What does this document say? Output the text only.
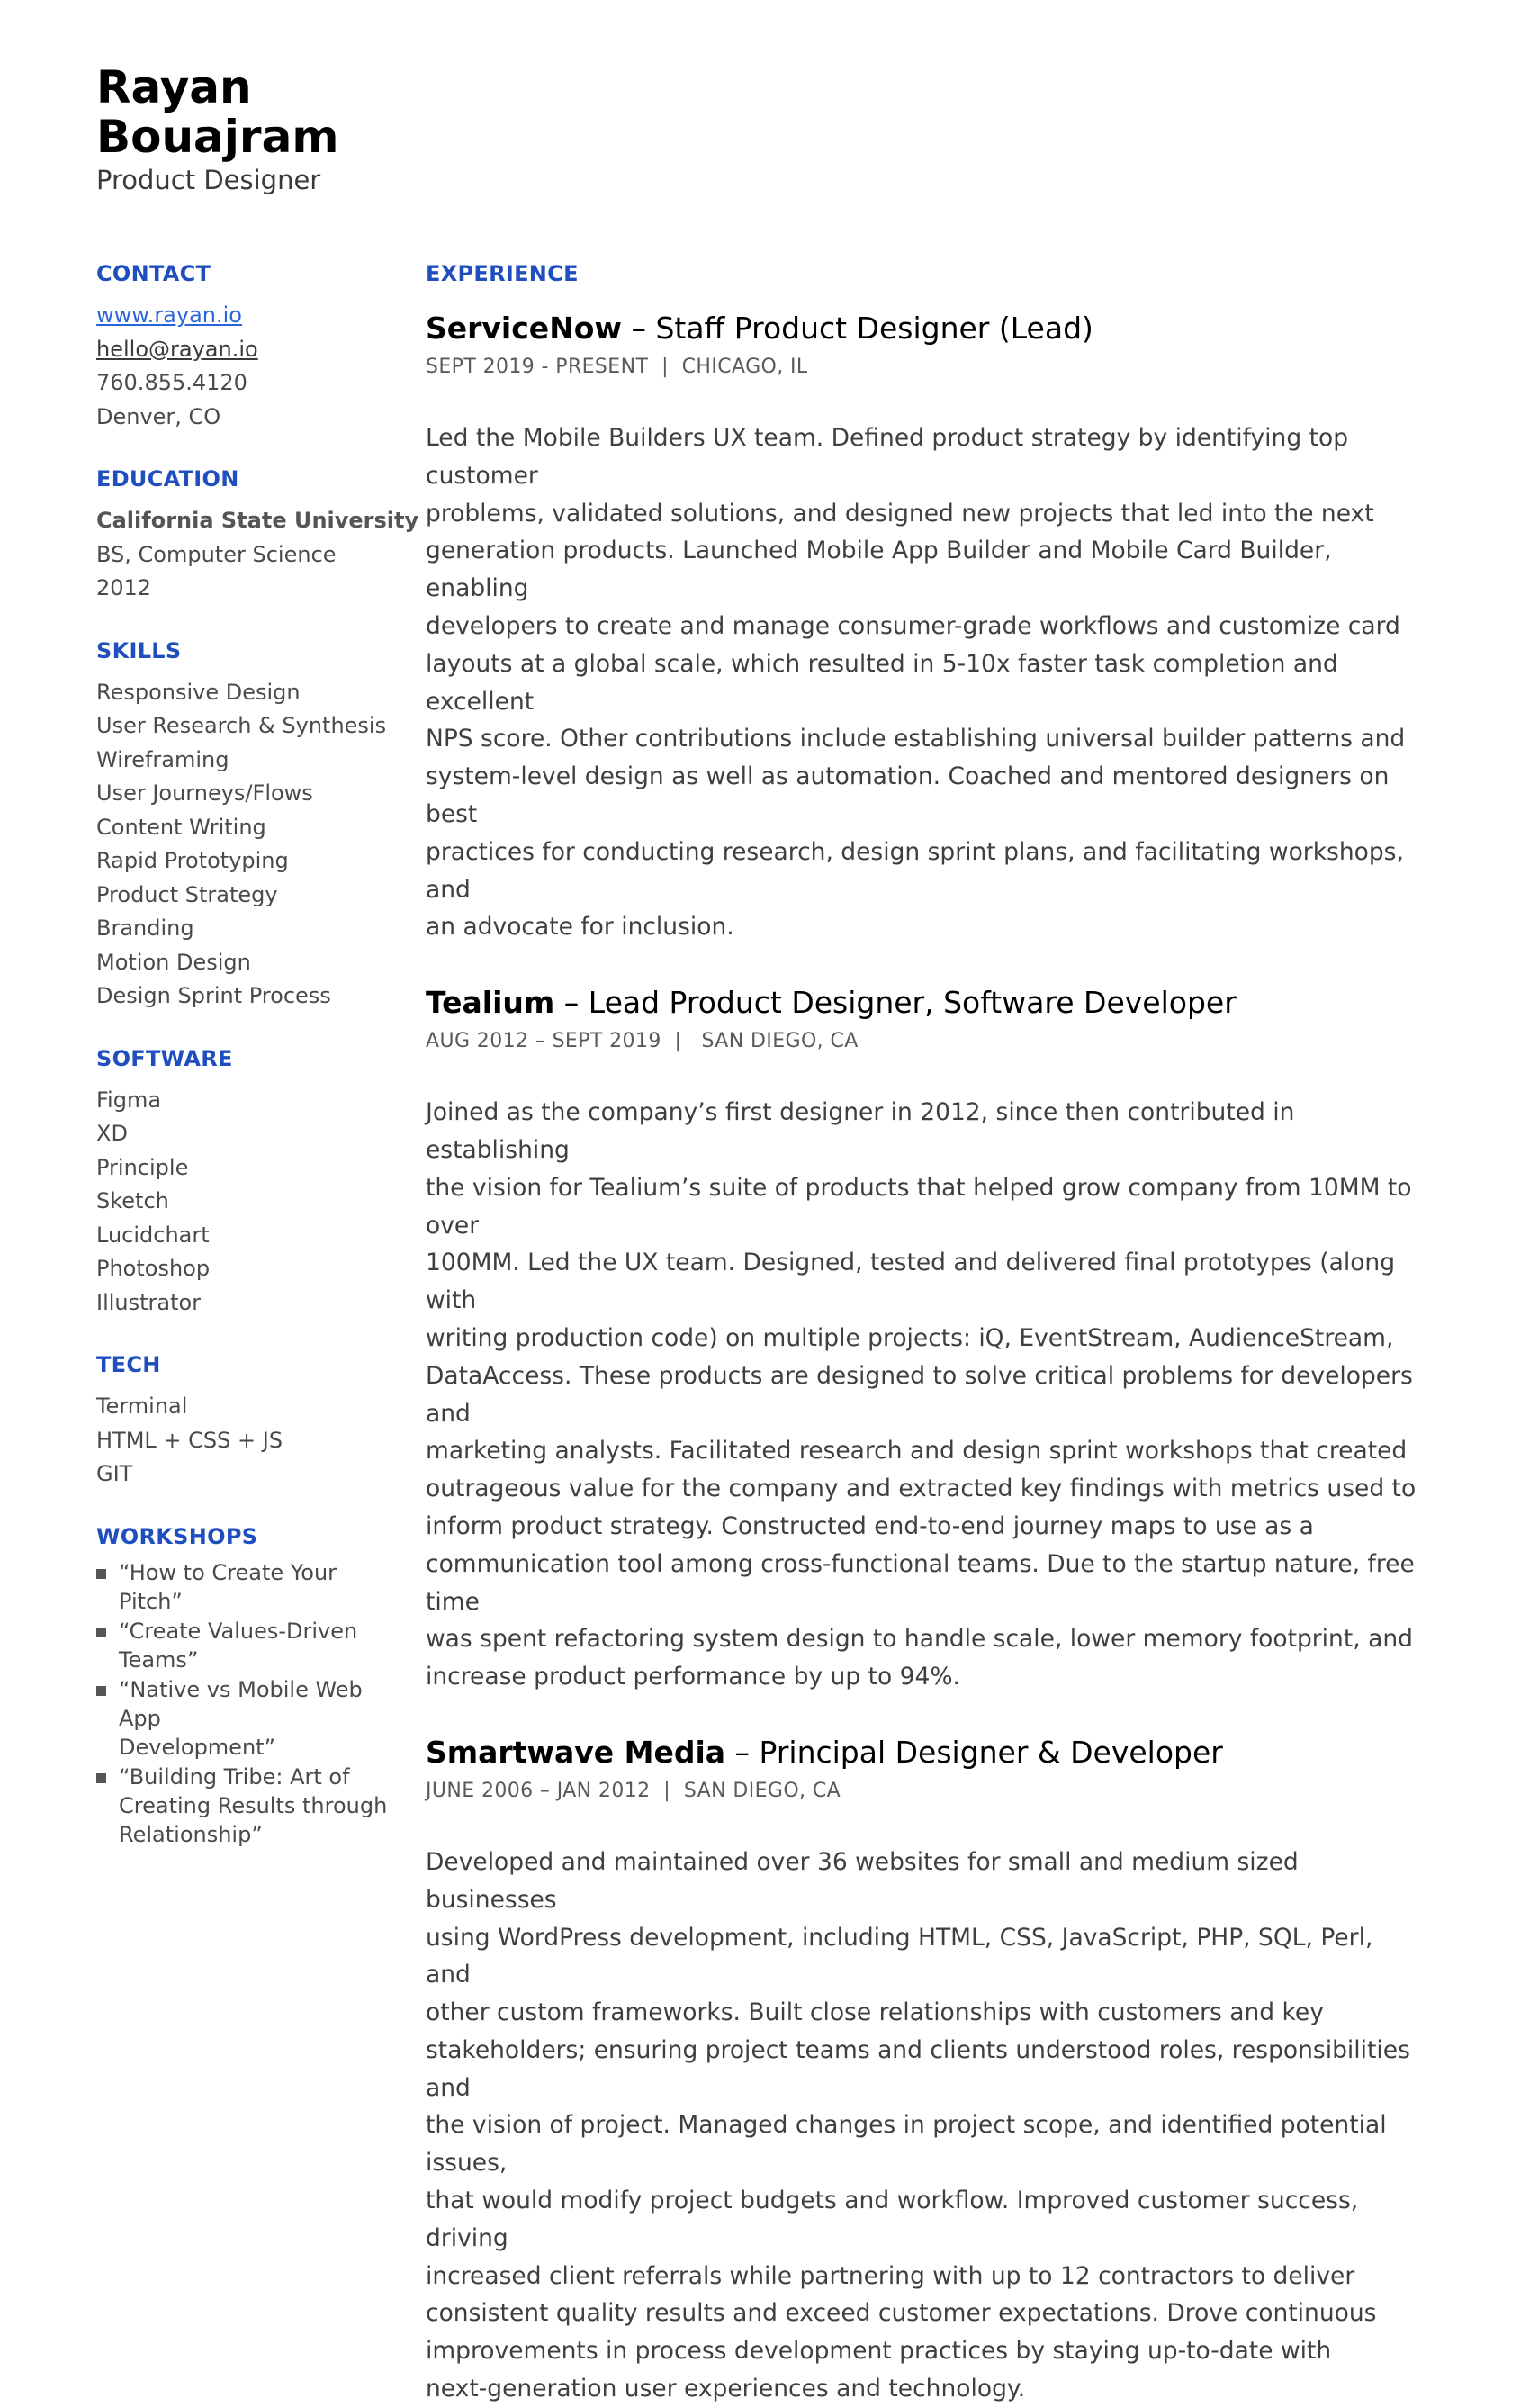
Rayan
Bouajram
Product Designer
CONTACT
www.rayan.io
hello@rayan.io
760.855.4120
Denver, CO
EDUCATION
California State University
BS, Computer Science
2012
SKILLS
Responsive Design
User Research & Synthesis
Wireframing
User Journeys/Flows
Content Writing
Rapid Prototyping
Product Strategy
Branding
Motion Design
Design Sprint Process
SOFTWARE
Figma
XD
Principle
Sketch
Lucidchart
Photoshop
Illustrator
TECH
Terminal
HTML + CSS + JS
GIT
WORKSHOPS
“How to Create Your Pitch”
“Create Values-Driven
Teams”
“Native vs Mobile Web App
Development”
“Building Tribe: Art of
Creating Results through
Relationship”
EXPERIENCE
ServiceNow – Staff Product Designer (Lead)
SEPT 2019 - PRESENT  |  CHICAGO, IL

Led the Mobile Builders UX team. Defined product strategy by identifying top customer
problems, validated solutions, and designed new projects that led into the next
generation products. Launched Mobile App Builder and Mobile Card Builder, enabling
developers to create and manage consumer-grade workflows and customize card
layouts at a global scale, which resulted in 5-10x faster task completion and excellent
NPS score. Other contributions include establishing universal builder patterns and
system-level design as well as automation. Coached and mentored designers on best
practices for conducting research, design sprint plans, and facilitating workshops, and
an advocate for inclusion.

Tealium – Lead Product Designer, Software Developer
AUG 2012 – SEPT 2019  |   SAN DIEGO, CA

Joined as the company’s first designer in 2012, since then contributed in establishing
the vision for Tealium’s suite of products that helped grow company from 10MM to over
100MM. Led the UX team. Designed, tested and delivered final prototypes (along with
writing production code) on multiple projects: iQ, EventStream, AudienceStream,
DataAccess. These products are designed to solve critical problems for developers and
marketing analysts. Facilitated research and design sprint workshops that created
outrageous value for the company and extracted key findings with metrics used to
inform product strategy. Constructed end-to-end journey maps to use as a
communication tool among cross-functional teams. Due to the startup nature, free time
was spent refactoring system design to handle scale, lower memory footprint, and
increase product performance by up to 94%.

Smartwave Media – Principal Designer & Developer
JUNE 2006 – JAN 2012  |  SAN DIEGO, CA

Developed and maintained over 36 websites for small and medium sized businesses
using WordPress development, including HTML, CSS, JavaScript, PHP, SQL, Perl, and
other custom frameworks. Built close relationships with customers and key
stakeholders; ensuring project teams and clients understood roles, responsibilities and
the vision of project. Managed changes in project scope, and identified potential issues,
that would modify project budgets and workflow. Improved customer success, driving
increased client referrals while partnering with up to 12 contractors to deliver
consistent quality results and exceed customer expectations. Drove continuous
improvements in process development practices by staying up-to-date with
next-generation user experiences and technology.
